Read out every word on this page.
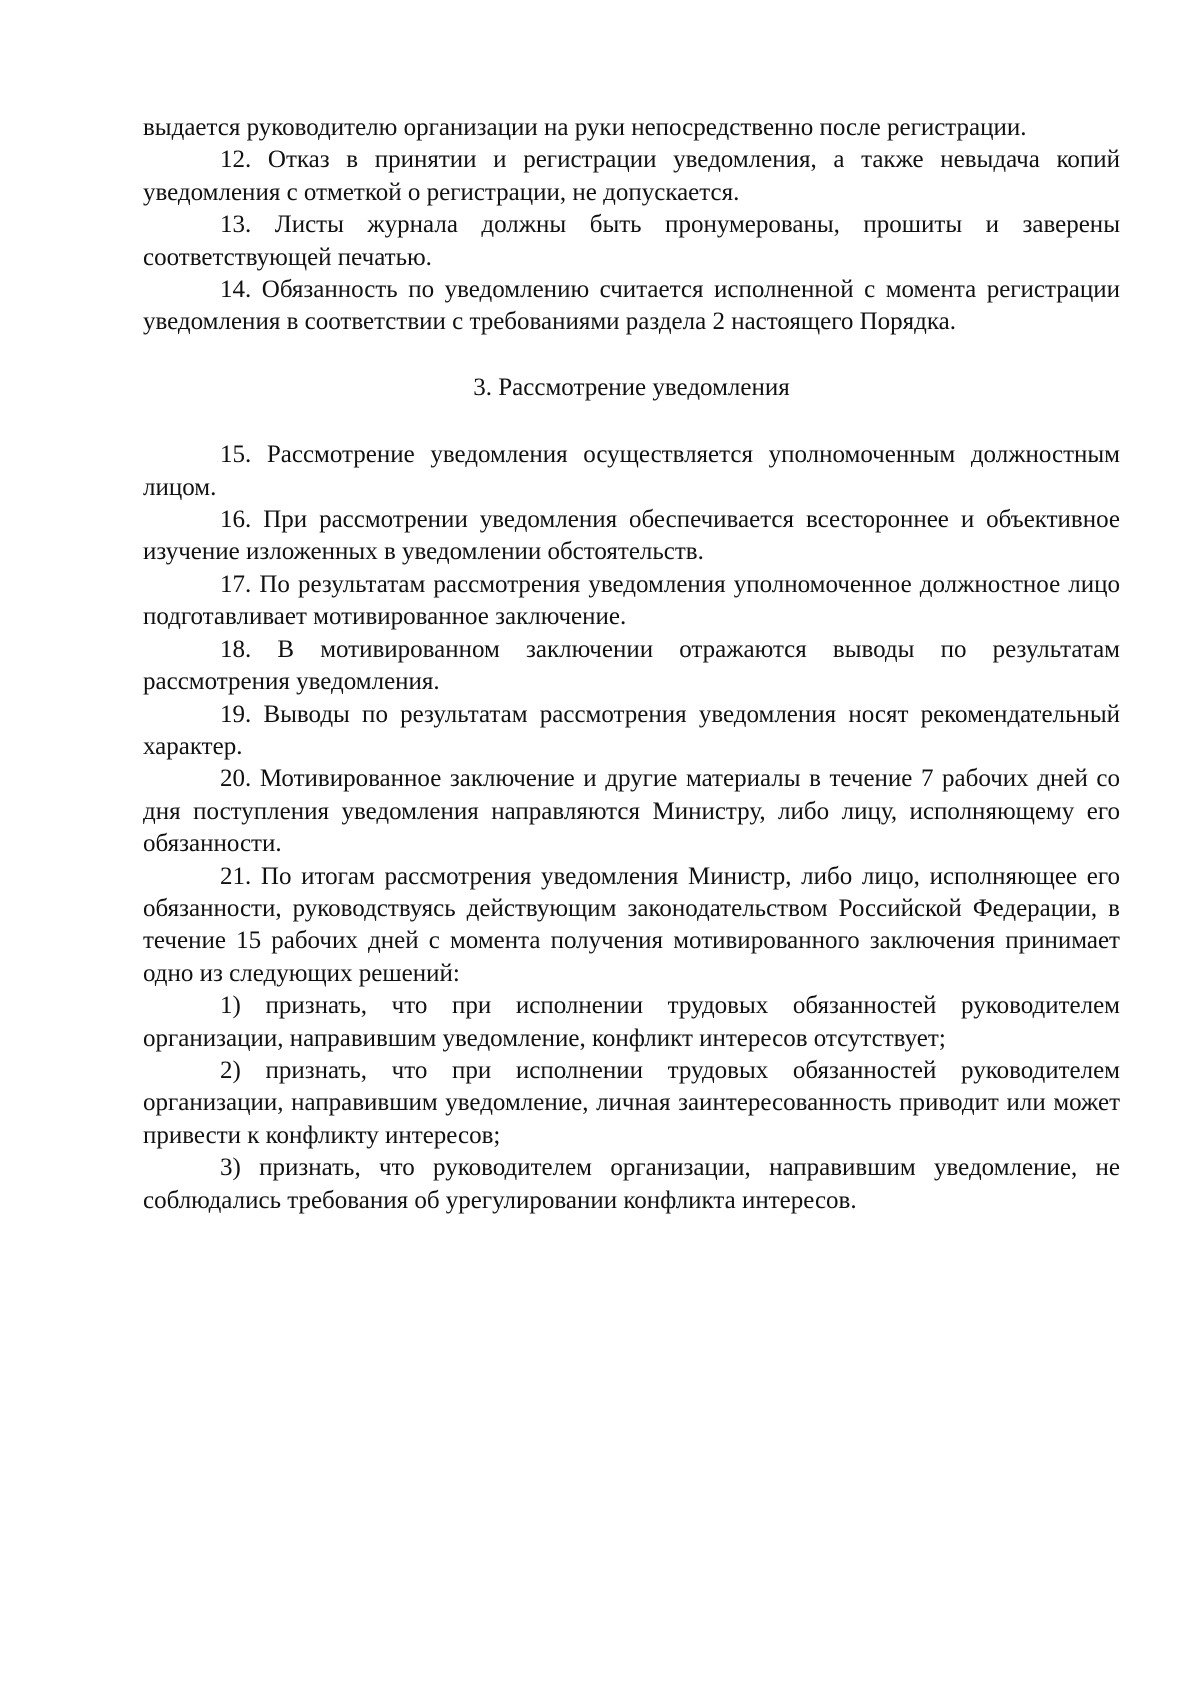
выдается руководителю организации на руки непосредственно после регистрации.

12. Отказ в принятии и регистрации уведомления, а также невыдача копий уведомления с отметкой о регистрации, не допускается.

13. Листы журнала должны быть пронумерованы, прошиты и заверены соответствующей печатью.

14. Обязанность по уведомлению считается исполненной с момента регистрации уведомления в соответствии с требованиями раздела 2 настоящего Порядка.

3. Рассмотрение уведомления

15. Рассмотрение уведомления осуществляется уполномоченным должностным лицом.

16. При рассмотрении уведомления обеспечивается всестороннее и объективное изучение изложенных в уведомлении обстоятельств.

17. По результатам рассмотрения уведомления уполномоченное должностное лицо подготавливает мотивированное заключение.

18. В мотивированном заключении отражаются выводы по результатам рассмотрения уведомления.

19. Выводы по результатам рассмотрения уведомления носят рекомендательный характер.

20. Мотивированное заключение и другие материалы в течение 7 рабочих дней со дня поступления уведомления направляются Министру, либо лицу, исполняющему его обязанности.

21. По итогам рассмотрения уведомления Министр, либо лицо, исполняющее его обязанности, руководствуясь действующим законодательством Российской Федерации, в течение 15 рабочих дней с момента получения мотивированного заключения принимает одно из следующих решений:

1) признать, что при исполнении трудовых обязанностей руководителем организации, направившим уведомление, конфликт интересов отсутствует;

2) признать, что при исполнении трудовых обязанностей руководителем организации, направившим уведомление, личная заинтересованность приводит или может привести к конфликту интересов;

3) признать, что руководителем организации, направившим уведомление, не соблюдались требования об урегулировании конфликта интересов.
